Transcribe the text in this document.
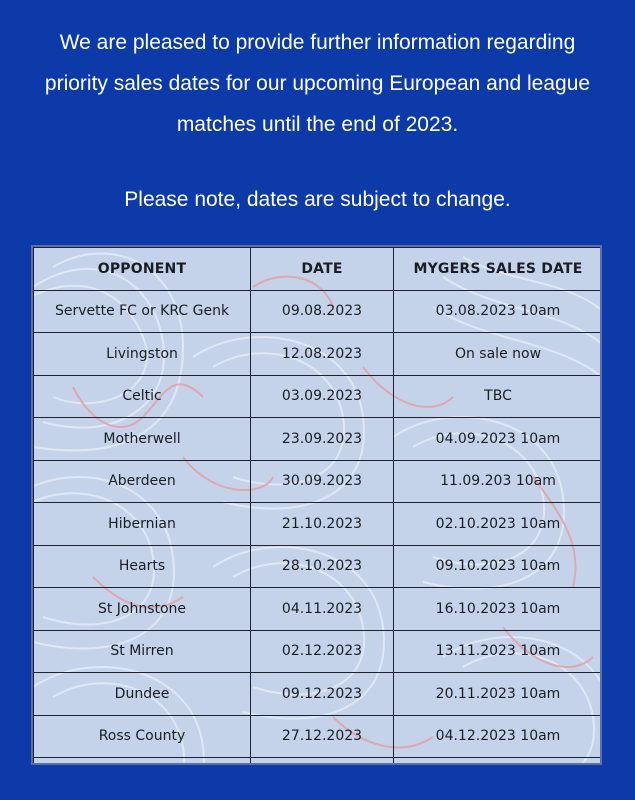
We are pleased to provide further information regarding priority sales dates for our upcoming European and league matches until the end of 2023.

Please note, dates are subject to change.

OPPONENT	DATE	MYGERS SALES DATE
Servette FC or KRC Genk	09.08.2023	03.08.2023 10am
Livingston	12.08.2023	On sale now
Celtic	03.09.2023	TBC
Motherwell	23.09.2023	04.09.2023 10am
Aberdeen	30.09.2023	11.09.203 10am
Hibernian	21.10.2023	02.10.2023 10am
Hearts	28.10.2023	09.10.2023 10am
St Johnstone	04.11.2023	16.10.2023 10am
St Mirren	02.12.2023	13.11.2023 10am
Dundee	09.12.2023	20.11.2023 10am
Ross County	27.12.2023	04.12.2023 10am
